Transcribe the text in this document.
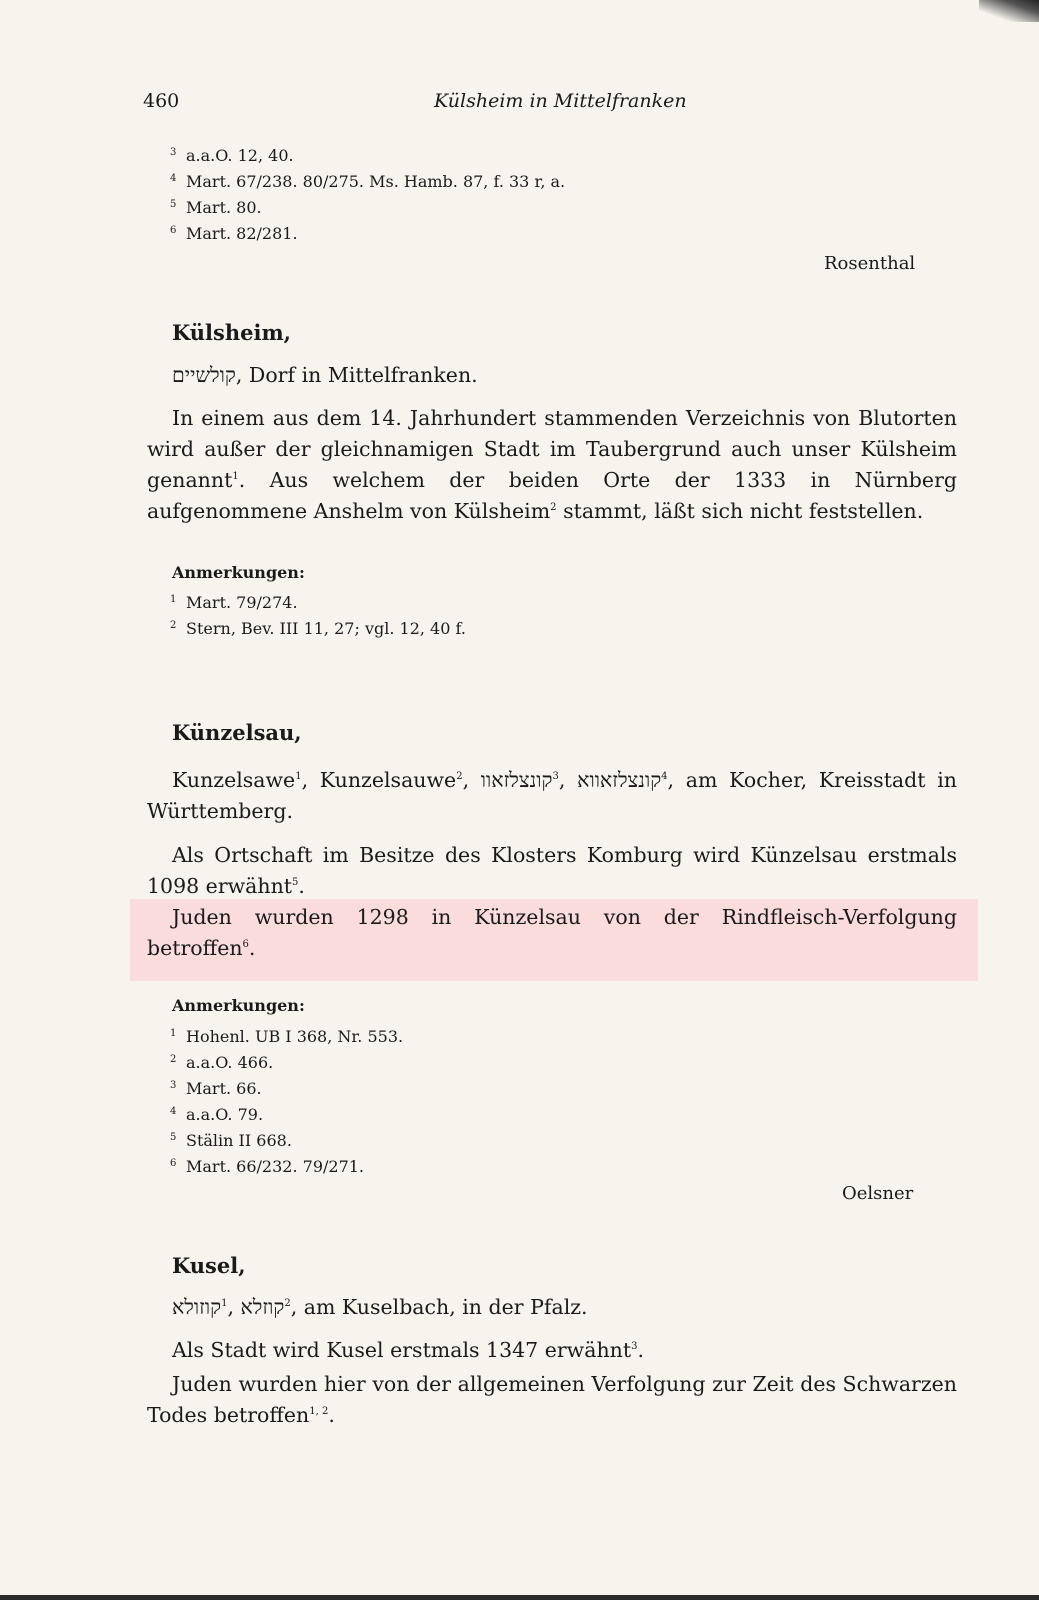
460	Külsheim in Mittelfranken
3 a.a.O. 12, 40.
4 Mart. 67/238. 80/275. Ms. Hamb. 87, f. 33 r, a.
5 Mart. 80.
6 Mart. 82/281.
Rosenthal
Külsheim,
קולשיים, Dorf in Mittelfranken.
In einem aus dem 14. Jahrhundert stammenden Verzeichnis von Blutorten wird außer der gleichnamigen Stadt im Taubergrund auch unser Külsheim genannt$^1$. Aus welchem der beiden Orte der 1333 in Nürnberg aufgenommene Anshelm von Külsheim$^2$ stammt, läßt sich nicht feststellen.
Anmerkungen:
1 Mart. 79/274.
2 Stern, Bev. III 11, 27; vgl. 12, 40 f.
Künzelsau,
Kunzelsawe$^1$, Kunzelsauwe$^2$, קונצלזאוו$^3$, קונצלזאווא$^4$, am Kocher, Kreisstadt in Württemberg.
Als Ortschaft im Besitze des Klosters Komburg wird Künzelsau erstmals 1098 erwähnt$^5$.
Juden wurden 1298 in Künzelsau von der Rindfleisch-Verfolgung betroffen$^6$.
Anmerkungen:
1 Hohenl. UB I 368, Nr. 553.
2 a.a.O. 466.
3 Mart. 66.
4 a.a.O. 79.
5 Stälin II 668.
6 Mart. 66/232. 79/271.
Oelsner
Kusel,
קוזולא$^1$, קוזלא$^2$, am Kuselbach, in der Pfalz.
Als Stadt wird Kusel erstmals 1347 erwähnt$^3$.
Juden wurden hier von der allgemeinen Verfolgung zur Zeit des Schwarzen Todes betroffen$^{1, 2}$.
